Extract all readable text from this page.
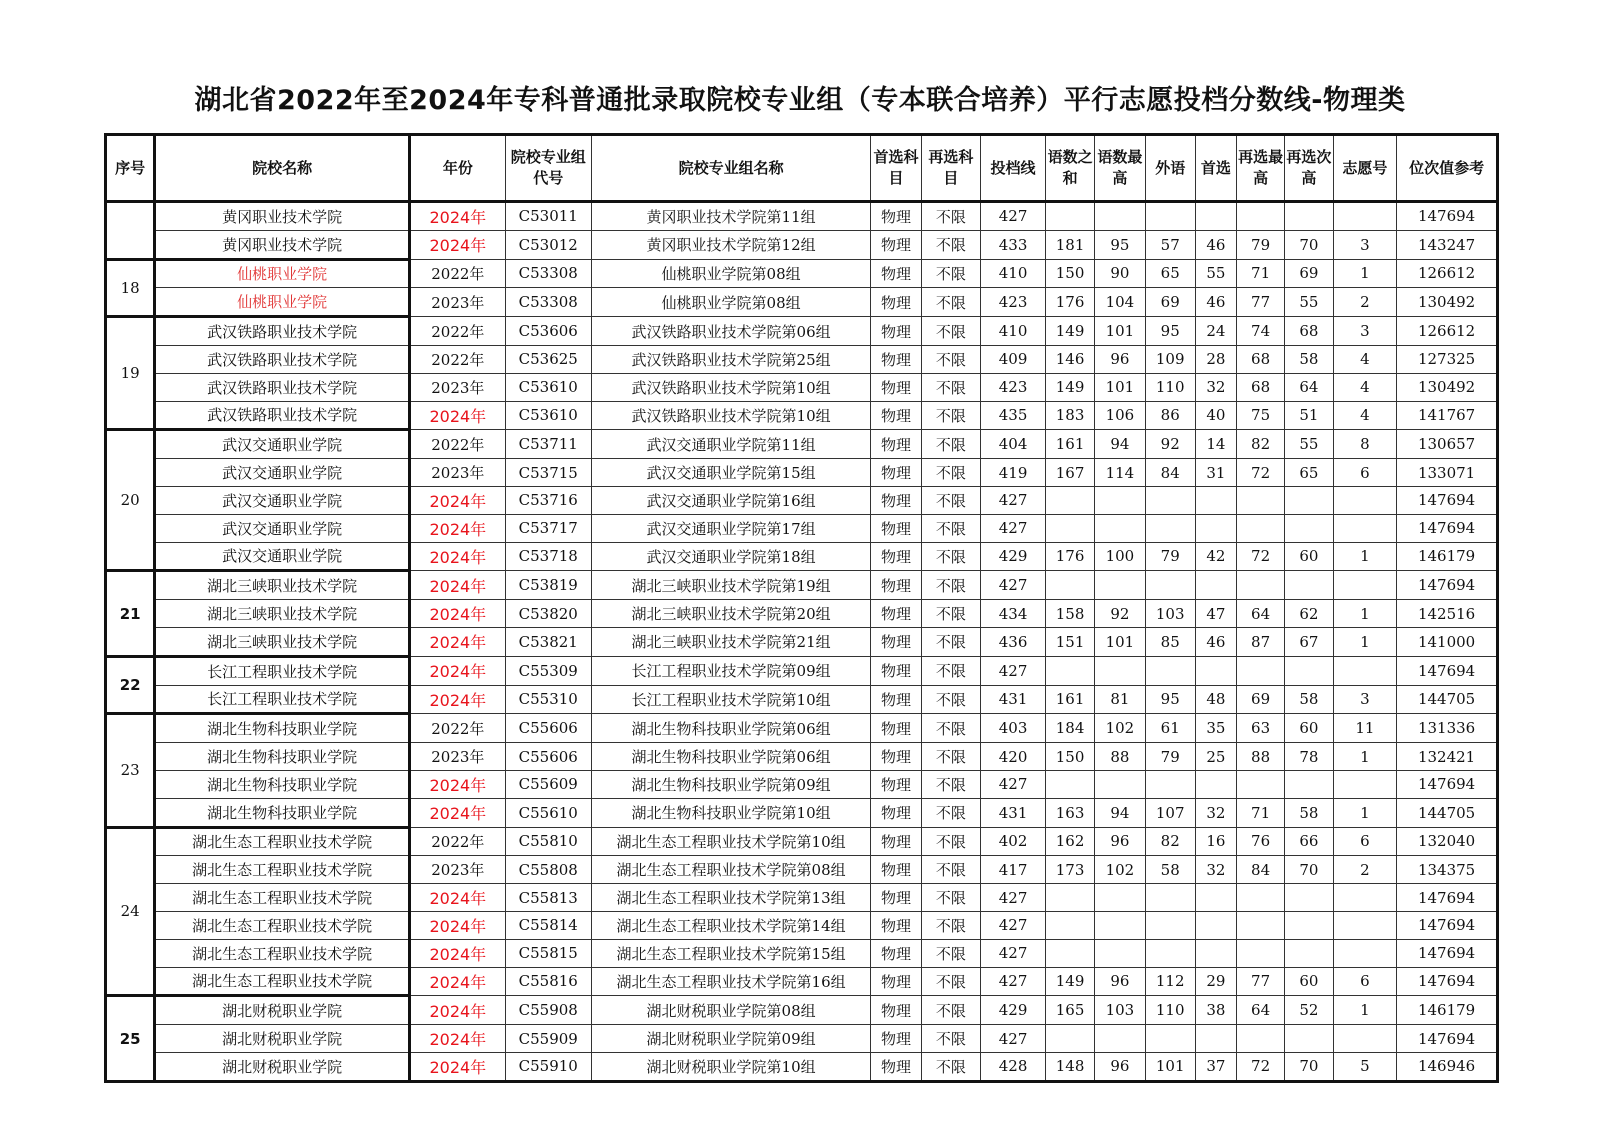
湖北省2022年至2024年专科普通批录取院校专业组（专本联合培养）平行志愿投档分数线-物理类
序号	院校名称	年份	院校专业组代号	院校专业组名称	首选科目	再选科目	投档线	语数之和	语数最高	外语	首选	再选最高	再选次高	志愿号	位次值参考
	黄冈职业技术学院	2024年	C53011	黄冈职业技术学院第11组	物理	不限	427								147694
	黄冈职业技术学院	2024年	C53012	黄冈职业技术学院第12组	物理	不限	433	181	95	57	46	79	70	3	143247
18	仙桃职业学院	2022年	C53308	仙桃职业学院第08组	物理	不限	410	150	90	65	55	71	69	1	126612
	仙桃职业学院	2023年	C53308	仙桃职业学院第08组	物理	不限	423	176	104	69	46	77	55	2	130492
19	武汉铁路职业技术学院	2022年	C53606	武汉铁路职业技术学院第06组	物理	不限	410	149	101	95	24	74	68	3	126612
	武汉铁路职业技术学院	2022年	C53625	武汉铁路职业技术学院第25组	物理	不限	409	146	96	109	28	68	58	4	127325
	武汉铁路职业技术学院	2023年	C53610	武汉铁路职业技术学院第10组	物理	不限	423	149	101	110	32	68	64	4	130492
	武汉铁路职业技术学院	2024年	C53610	武汉铁路职业技术学院第10组	物理	不限	435	183	106	86	40	75	51	4	141767
20	武汉交通职业学院	2022年	C53711	武汉交通职业学院第11组	物理	不限	404	161	94	92	14	82	55	8	130657
	武汉交通职业学院	2023年	C53715	武汉交通职业学院第15组	物理	不限	419	167	114	84	31	72	65	6	133071
	武汉交通职业学院	2024年	C53716	武汉交通职业学院第16组	物理	不限	427								147694
	武汉交通职业学院	2024年	C53717	武汉交通职业学院第17组	物理	不限	427								147694
	武汉交通职业学院	2024年	C53718	武汉交通职业学院第18组	物理	不限	429	176	100	79	42	72	60	1	146179
21	湖北三峡职业技术学院	2024年	C53819	湖北三峡职业技术学院第19组	物理	不限	427								147694
	湖北三峡职业技术学院	2024年	C53820	湖北三峡职业技术学院第20组	物理	不限	434	158	92	103	47	64	62	1	142516
	湖北三峡职业技术学院	2024年	C53821	湖北三峡职业技术学院第21组	物理	不限	436	151	101	85	46	87	67	1	141000
22	长江工程职业技术学院	2024年	C55309	长江工程职业技术学院第09组	物理	不限	427								147694
	长江工程职业技术学院	2024年	C55310	长江工程职业技术学院第10组	物理	不限	431	161	81	95	48	69	58	3	144705
23	湖北生物科技职业学院	2022年	C55606	湖北生物科技职业学院第06组	物理	不限	403	184	102	61	35	63	60	11	131336
	湖北生物科技职业学院	2023年	C55606	湖北生物科技职业学院第06组	物理	不限	420	150	88	79	25	88	78	1	132421
	湖北生物科技职业学院	2024年	C55609	湖北生物科技职业学院第09组	物理	不限	427								147694
	湖北生物科技职业学院	2024年	C55610	湖北生物科技职业学院第10组	物理	不限	431	163	94	107	32	71	58	1	144705
24	湖北生态工程职业技术学院	2022年	C55810	湖北生态工程职业技术学院第10组	物理	不限	402	162	96	82	16	76	66	6	132040
	湖北生态工程职业技术学院	2023年	C55808	湖北生态工程职业技术学院第08组	物理	不限	417	173	102	58	32	84	70	2	134375
	湖北生态工程职业技术学院	2024年	C55813	湖北生态工程职业技术学院第13组	物理	不限	427								147694
	湖北生态工程职业技术学院	2024年	C55814	湖北生态工程职业技术学院第14组	物理	不限	427								147694
	湖北生态工程职业技术学院	2024年	C55815	湖北生态工程职业技术学院第15组	物理	不限	427								147694
	湖北生态工程职业技术学院	2024年	C55816	湖北生态工程职业技术学院第16组	物理	不限	427	149	96	112	29	77	60	6	147694
25	湖北财税职业学院	2024年	C55908	湖北财税职业学院第08组	物理	不限	429	165	103	110	38	64	52	1	146179
	湖北财税职业学院	2024年	C55909	湖北财税职业学院第09组	物理	不限	427								147694
	湖北财税职业学院	2024年	C55910	湖北财税职业学院第10组	物理	不限	428	148	96	101	37	72	70	5	146946
